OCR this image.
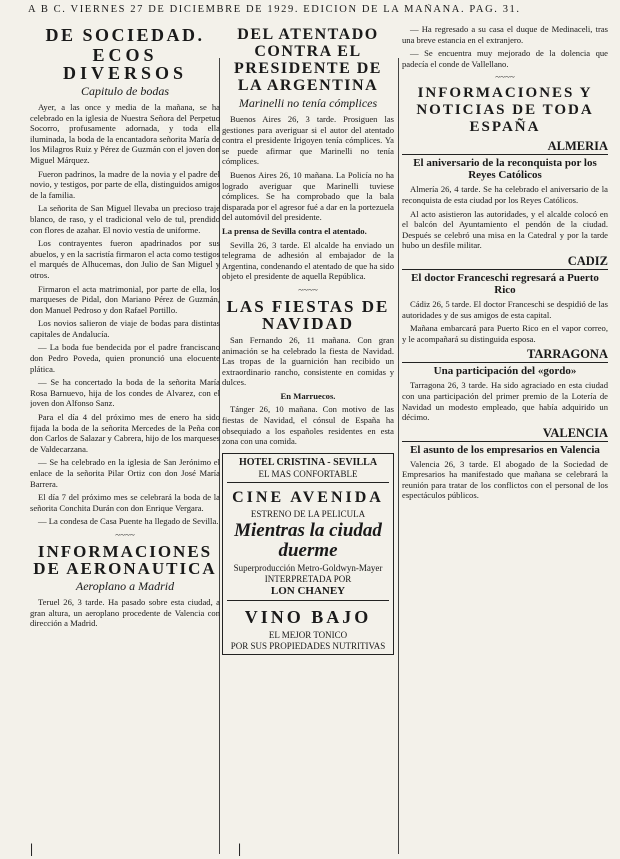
A B C. VIERNES 27 DE DICIEMBRE DE 1929. EDICION DE LA MAÑANA. PAG. 31.
DE SOCIEDAD.
ECOS DIVERSOS
Capitulo de bodas

Ayer, a las once y media de la mañana, se ha celebrado en la iglesia de Nuestra Señora del Perpetuo Socorro, profusamente adornada, y toda ella iluminada, la boda de la encantadora señorita María de los Milagros Ruiz y Pérez de Guzmán con el joven don Miguel Márquez.

Fueron padrinos, la madre de la novia y el padre del novio, y testigos, por parte de ella, distinguidos amigos de la familia.

La señorita de San Miguel llevaba un precioso traje blanco, de raso, y el tradicional velo de tul, prendido con flores de azahar. El novio vestía de uniforme.

Los contrayentes fueron apadrinados por sus abuelos, y en la sacristía firmaron el acta como testigos el marqués de Alhucemas, don Julio de San Miguel y otros.

Firmaron el acta matrimonial, por parte de ella, los marqueses de Pidal, don Mariano Pérez de Guzmán, don Manuel Pedroso y don Rafael Portillo.

Los novios salieron de viaje de bodas para distintas capitales de Andalucía.

— La boda fue bendecida por el padre franciscano don Pedro Poveda, quien pronunció una elocuente plática.

— Se ha concertado la boda de la señorita María Rosa Barnuevo, hija de los condes de Alvarez, con el joven don Alfonso Sanz.

Para el día 4 del próximo mes de enero ha sido fijada la boda de la señorita Mercedes de la Peña con don Carlos de Salazar y Cabrera, hijo de los marqueses de Valdecarzana.

— Se ha celebrado en la iglesia de San Jerónimo el enlace de la señorita Pilar Ortiz con don José María Barrera.

El día 7 del próximo mes se celebrará la boda de la señorita Conchita Durán con don Enrique Vergara.

— La condesa de Casa Puente ha llegado de Sevilla.

~~~~
INFORMACIONES DE AERONAUTICA
Aeroplano a Madrid

Teruel 26, 3 tarde. Ha pasado sobre esta ciudad, a gran altura, un aeroplano procedente de Valencia con dirección a Madrid.

DEL ATENTADO CONTRA EL PRESIDENTE DE LA ARGENTINA
Marinelli no tenía cómplices

Buenos Aires 26, 3 tarde. Prosiguen las gestiones para averiguar si el autor del atentado contra el presidente Irigoyen tenía cómplices. Ya se puede afirmar que Marinelli no tenía cómplices.

Buenos Aires 26, 10 mañana. La Policía no ha logrado averiguar que Marinelli tuviese cómplices. Se ha comprobado que la bala disparada por el agresor fué a dar en la portezuela del automóvil del presidente.

La prensa de Sevilla contra el atentado.

Sevilla 26, 3 tarde. El alcalde ha enviado un telegrama de adhesión al embajador de la Argentina, condenando el atentado de que ha sido objeto el presidente de aquella República.

~~~~
LAS FIESTAS DE NAVIDAD

San Fernando 26, 11 mañana. Con gran animación se ha celebrado la fiesta de Navidad. Las tropas de la guarnición han recibido un extraordinario rancho, consistente en comidas y dulces.

En Marruecos.

Tánger 26, 10 mañana. Con motivo de las fiestas de Navidad, el cónsul de España ha obsequiado a los españoles residentes en esta zona con una comida.

HOTEL CRISTINA - SEVILLA
EL MAS CONFORTABLE
CINE AVENIDA
ESTRENO DE LA PELICULA
Mientras la ciudad duerme
Superproducción Metro-Goldwyn-Mayer
INTERPRETADA POR
LON CHANEY
VINO BAJO
EL MEJOR TONICO
POR SUS PROPIEDADES NUTRITIVAS

— Ha regresado a su casa el duque de Medinaceli, tras una breve estancia en el extranjero.

— Se encuentra muy mejorado de la dolencia que padecía el conde de Vallellano.

~~~~
INFORMACIONES Y NOTICIAS DE TODA ESPAÑA
ALMERIA
El aniversario de la reconquista por los Reyes Católicos

Almería 26, 4 tarde. Se ha celebrado el aniversario de la reconquista de esta ciudad por los Reyes Católicos.

Al acto asistieron las autoridades, y el alcalde colocó en el balcón del Ayuntamiento el pendón de la ciudad. Después se celebró una misa en la Catedral y por la tarde hubo un desfile militar.

CADIZ
El doctor Franceschi regresará a Puerto Rico

Cádiz 26, 5 tarde. El doctor Franceschi se despidió de las autoridades y de sus amigos de esta capital.

Mañana embarcará para Puerto Rico en el vapor correo, y le acompañará su distinguida esposa.

TARRAGONA
Una participación del «gordo»

Tarragona 26, 3 tarde. Ha sido agraciado en esta ciudad con una participación del primer premio de la Lotería de Navidad un modesto empleado, que había adquirido un décimo.

VALENCIA
El asunto de los empresarios en Valencia

Valencia 26, 3 tarde. El abogado de la Sociedad de Empresarios ha manifestado que mañana se celebrará la reunión para tratar de los conflictos con el personal de los espectáculos públicos.

|	|
